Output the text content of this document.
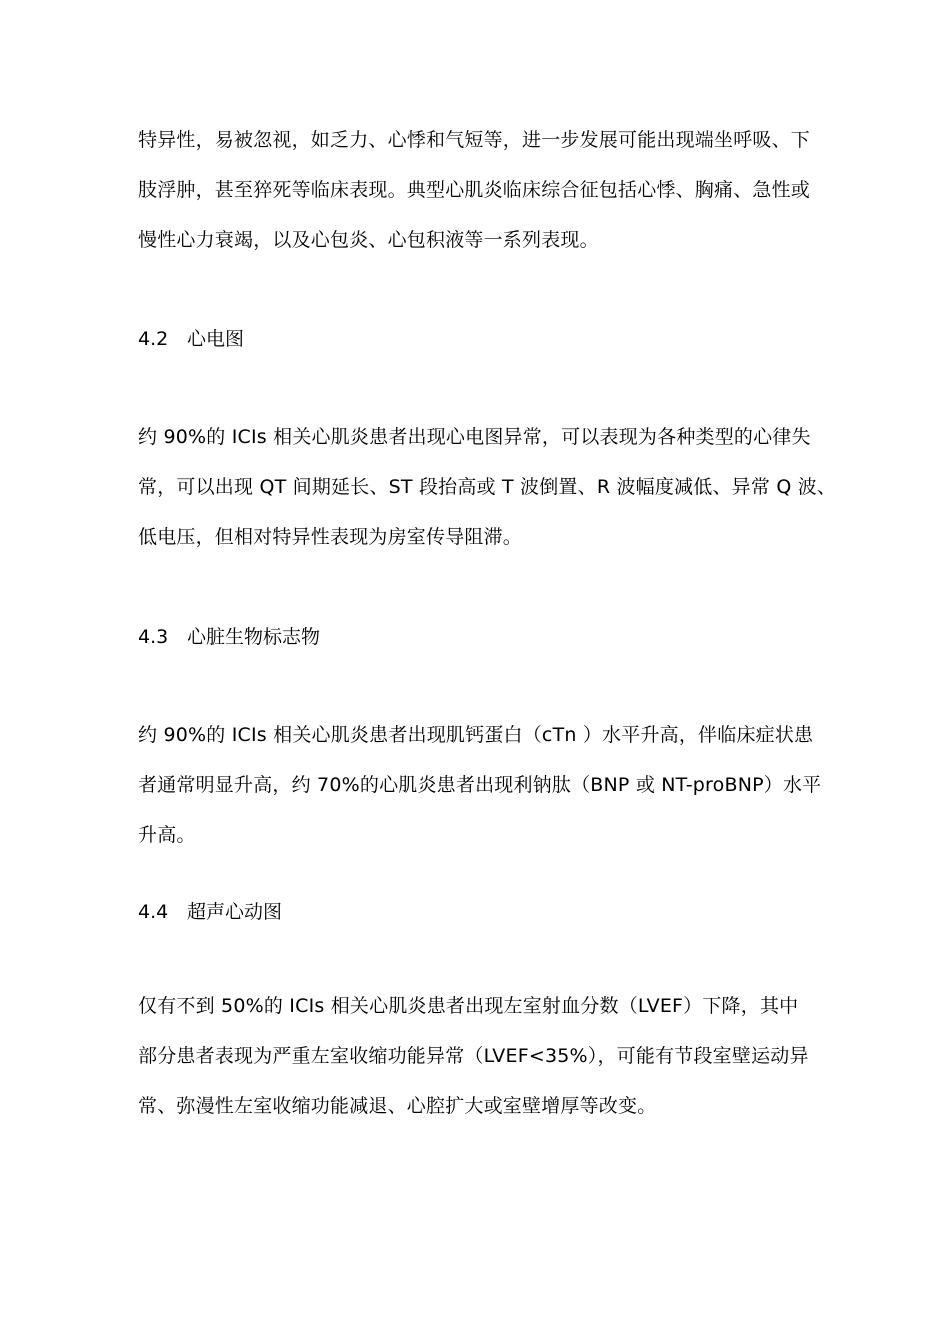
特异性，易被忽视，如乏力、心悸和气短等，进一步发展可能出现端坐呼吸、下
肢浮肿，甚至猝死等临床表现。典型心肌炎临床综合征包括心悸、胸痛、急性或
慢性心力衰竭，以及心包炎、心包积液等一系列表现。
4.2 心电图
约 90%的 ICIs 相关心肌炎患者出现心电图异常，可以表现为各种类型的心律失
常，可以出现 QT 间期延长、ST 段抬高或 T 波倒置、R 波幅度减低、异常 Q 波、
低电压，但相对特异性表现为房室传导阻滞。
4.3 心脏生物标志物
约 90%的 ICIs 相关心肌炎患者出现肌钙蛋白（cTn ）水平升高，伴临床症状患
者通常明显升高，约 70%的心肌炎患者出现利钠肽（BNP 或 NT-proBNP）水平
升高。
4.4 超声心动图
仅有不到 50%的 ICIs 相关心肌炎患者出现左室射血分数（LVEF）下降，其中
部分患者表现为严重左室收缩功能异常（LVEF<35%），可能有节段室壁运动异
常、弥漫性左室收缩功能减退、心腔扩大或室壁增厚等改变。
